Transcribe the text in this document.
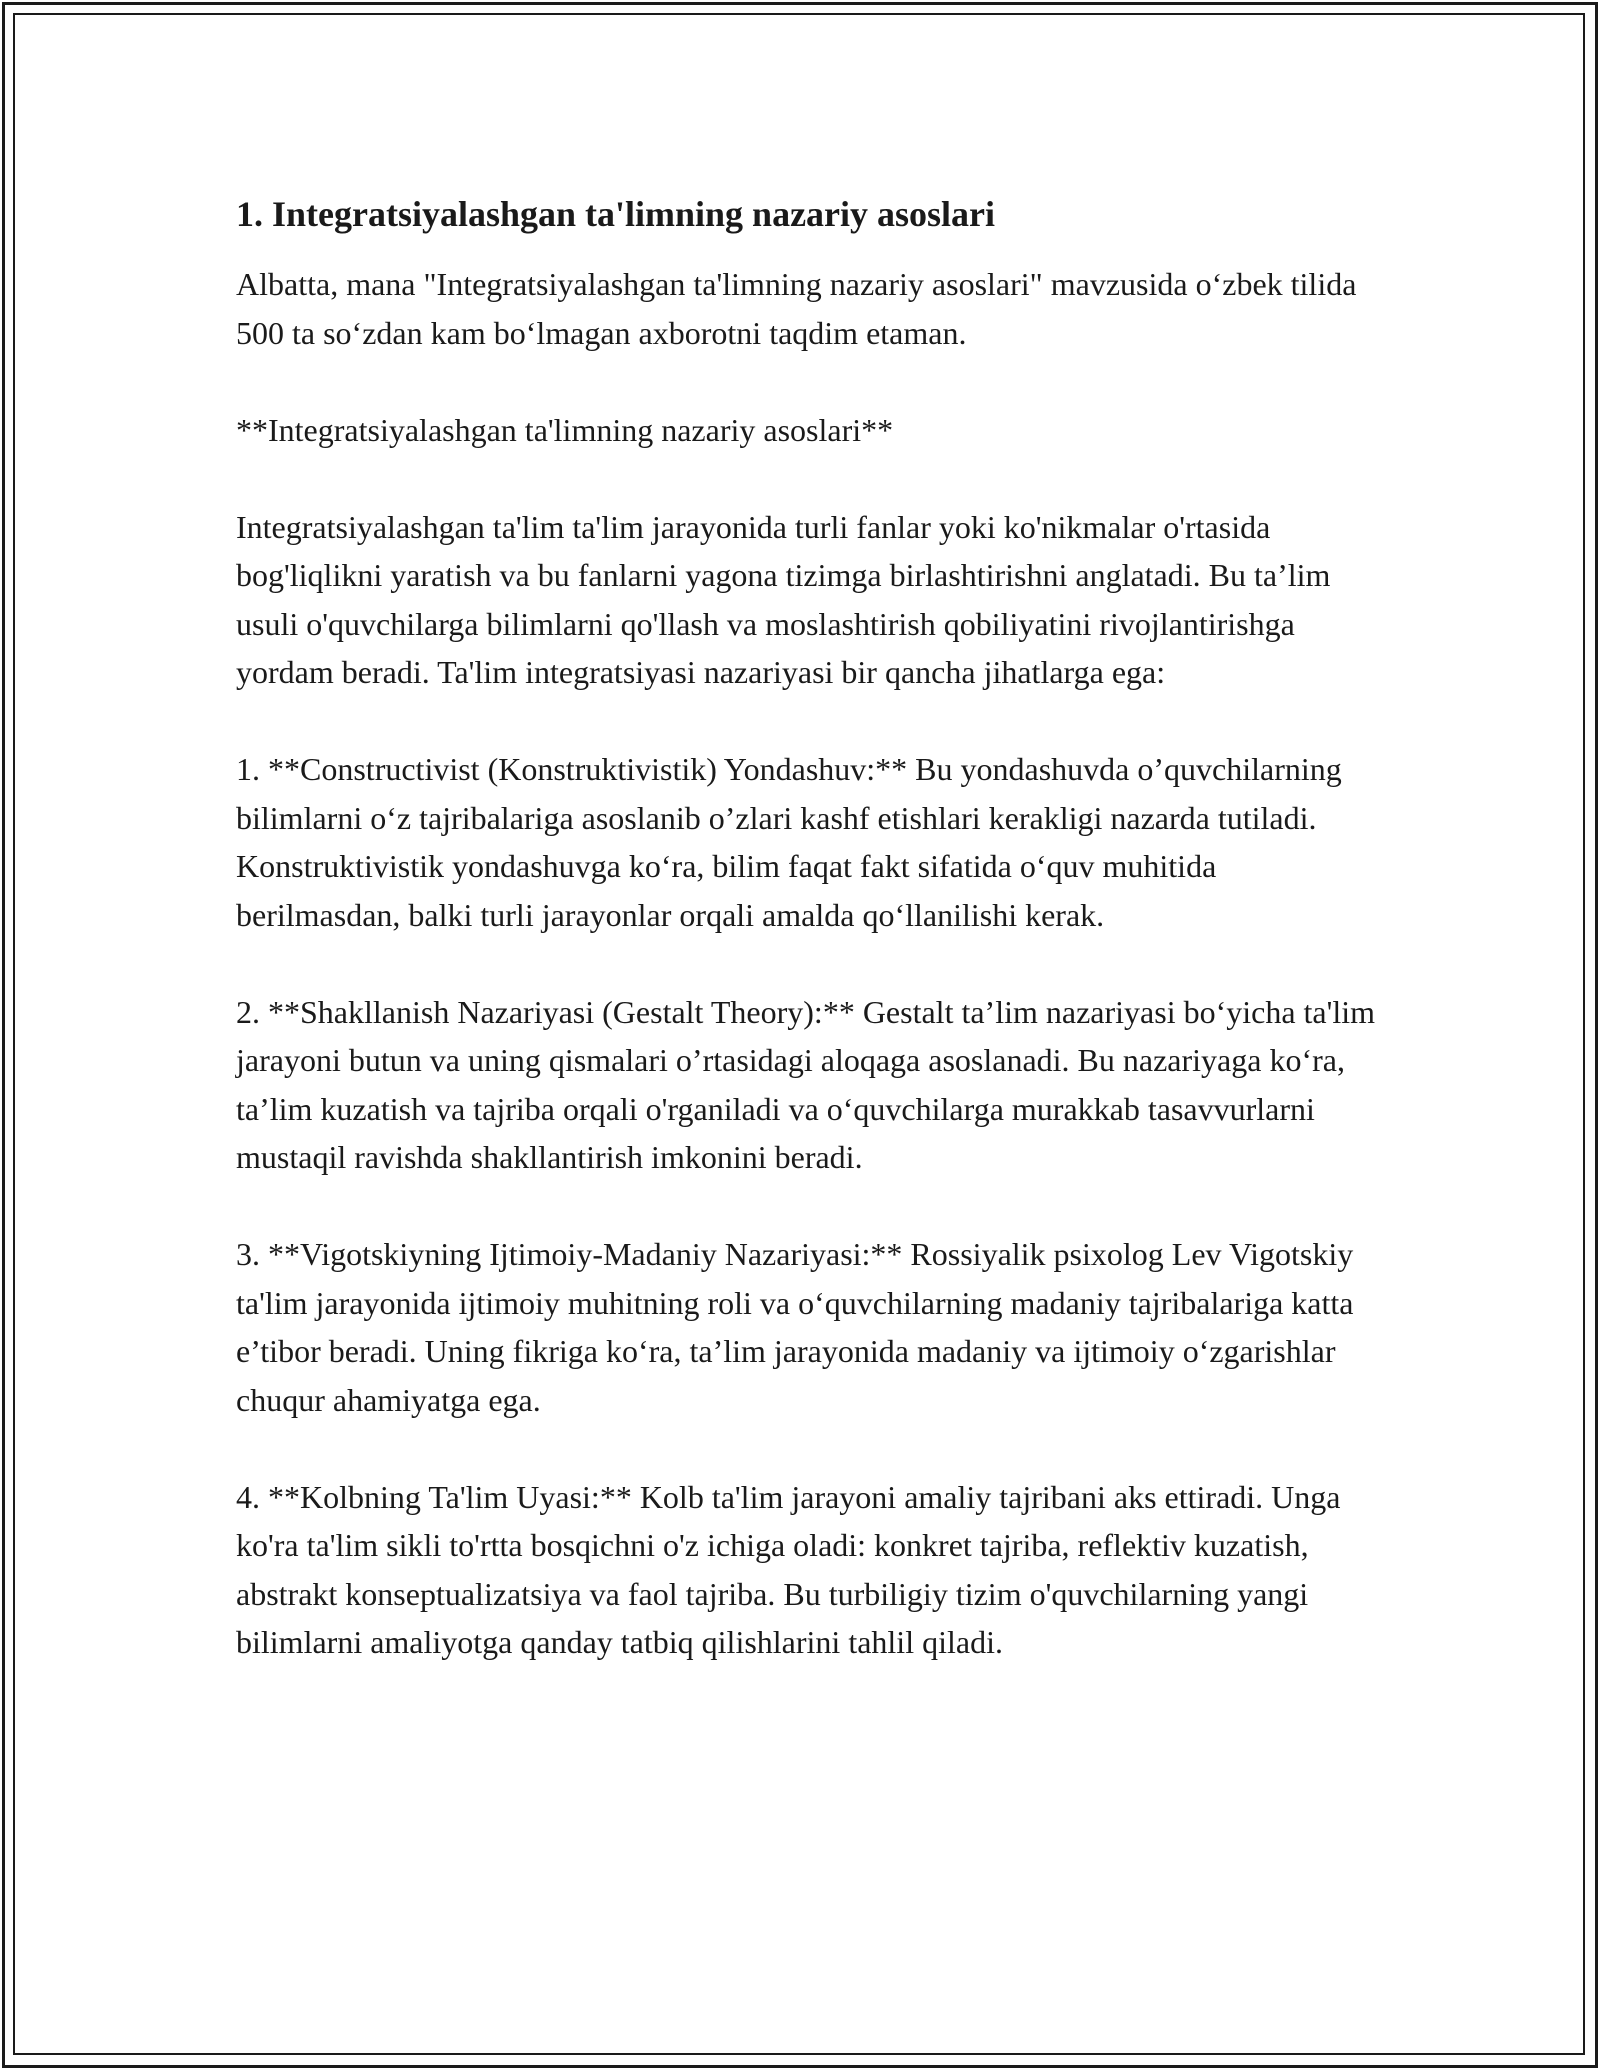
1. Integratsiyalashgan ta'limning nazariy asoslari

Albatta, mana "Integratsiyalashgan ta'limning nazariy asoslari" mavzusida o‘zbek tilida 500 ta so‘zdan kam bo‘lmagan axborotni taqdim etaman.

**Integratsiyalashgan ta'limning nazariy asoslari**

Integratsiyalashgan ta'lim ta'lim jarayonida turli fanlar yoki ko'nikmalar o'rtasida bog'liqlikni yaratish va bu fanlarni yagona tizimga birlashtirishni anglatadi. Bu ta’lim usuli o'quvchilarga bilimlarni qo'llash va moslashtirish qobiliyatini rivojlantirishga yordam beradi. Ta'lim integratsiyasi nazariyasi bir qancha jihatlarga ega:

1. **Constructivist (Konstruktivistik) Yondashuv:** Bu yondashuvda o’quvchilarning bilimlarni o‘z tajribalariga asoslanib o’zlari kashf etishlari kerakligi nazarda tutiladi. Konstruktivistik yondashuvga ko‘ra, bilim faqat fakt sifatida o‘quv muhitida berilmasdan, balki turli jarayonlar orqali amalda qo‘llanilishi kerak.

2. **Shakllanish Nazariyasi (Gestalt Theory):** Gestalt ta’lim nazariyasi bo‘yicha ta'lim jarayoni butun va uning qismalari o’rtasidagi aloqaga asoslanadi. Bu nazariyaga ko‘ra, ta’lim kuzatish va tajriba orqali o'rganiladi va o‘quvchilarga murakkab tasavvurlarni mustaqil ravishda shakllantirish imkonini beradi.

3. **Vigotskiyning Ijtimoiy-Madaniy Nazariyasi:** Rossiyalik psixolog Lev Vigotskiy ta'lim jarayonida ijtimoiy muhitning roli va o‘quvchilarning madaniy tajribalariga katta e’tibor beradi. Uning fikriga ko‘ra, ta’lim jarayonida madaniy va ijtimoiy o‘zgarishlar chuqur ahamiyatga ega.

4. **Kolbning Ta'lim Uyasi:** Kolb ta'lim jarayoni amaliy tajribani aks ettiradi. Unga ko'ra ta'lim sikli to'rtta bosqichni o'z ichiga oladi: konkret tajriba, reflektiv kuzatish, abstrakt konseptualizatsiya va faol tajriba. Bu turbiligiy tizim o'quvchilarning yangi bilimlarni amaliyotga qanday tatbiq qilishlarini tahlil qiladi.
